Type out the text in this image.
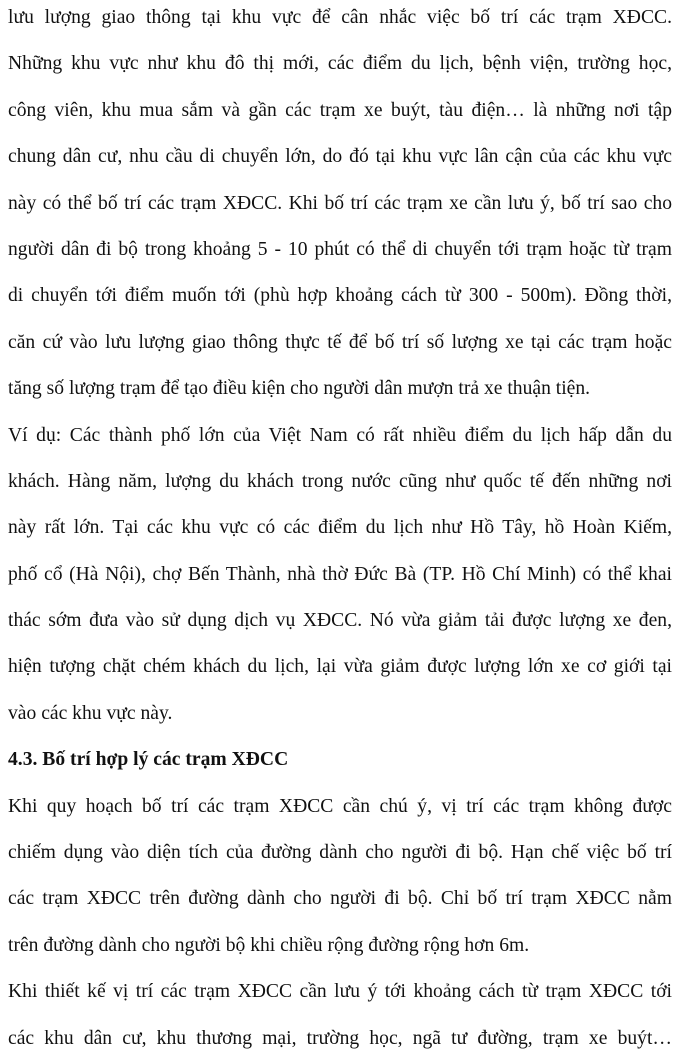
lưu lượng giao thông tại khu vực để cân nhắc việc bố trí các trạm XĐCC.
Những khu vực như khu đô thị mới, các điểm du lịch, bệnh viện, trường học,
công viên, khu mua sắm và gần các trạm xe buýt, tàu điện… là những nơi tập
chung dân cư, nhu cầu di chuyển lớn, do đó tại khu vực lân cận của các khu vực
này có thể bố trí các trạm XĐCC. Khi bố trí các trạm xe cần lưu ý, bố trí sao cho
người dân đi bộ trong khoảng 5 - 10 phút có thể di chuyển tới trạm hoặc từ trạm
di chuyển tới điểm muốn tới (phù hợp khoảng cách từ 300 - 500m). Đồng thời,
căn cứ vào lưu lượng giao thông thực tế để bố trí số lượng xe tại các trạm hoặc
tăng số lượng trạm để tạo điều kiện cho người dân mượn trả xe thuận tiện.
Ví dụ: Các thành phố lớn của Việt Nam có rất nhiều điểm du lịch hấp dẫn du
khách. Hàng năm, lượng du khách trong nước cũng như quốc tế đến những nơi
này rất lớn. Tại các khu vực có các điểm du lịch như Hồ Tây, hồ Hoàn Kiếm,
phố cổ (Hà Nội), chợ Bến Thành, nhà thờ Đức Bà (TP. Hồ Chí Minh) có thể khai
thác sớm đưa vào sử dụng dịch vụ XĐCC. Nó vừa giảm tải được lượng xe đen,
hiện tượng chặt chém khách du lịch, lại vừa giảm được lượng lớn xe cơ giới tại
vào các khu vực này.
4.3. Bố trí hợp lý các trạm XĐCC
Khi quy hoạch bố trí các trạm XĐCC cần chú ý, vị trí các trạm không được
chiếm dụng vào diện tích của đường dành cho người đi bộ. Hạn chế việc bố trí
các trạm XĐCC trên đường dành cho người đi bộ. Chỉ bố trí trạm XĐCC nằm
trên đường dành cho người bộ khi chiều rộng đường rộng hơn 6m.
Khi thiết kế vị trí các trạm XĐCC cần lưu ý tới khoảng cách từ trạm XĐCC tới
các khu dân cư, khu thương mại, trường học, ngã tư đường, trạm xe buýt…
